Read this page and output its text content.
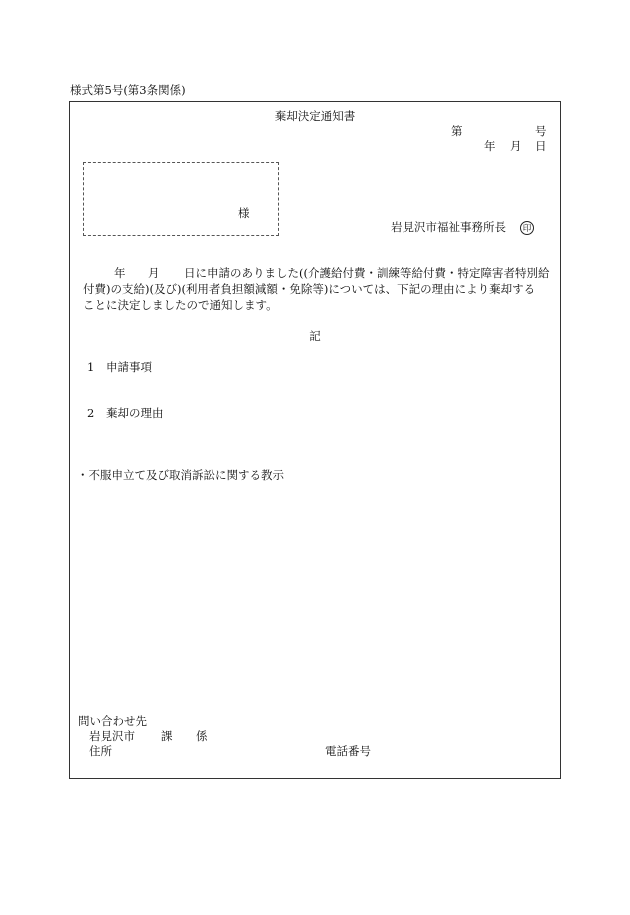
様式第5号(第3条関係)
棄却決定通知書
第	号
年 月 日
様
岩見沢市福祉事務所長	印
年 月 日に申請のありました((介護給付費・訓練等給付費・特定障害者特別給
付費)の支給)(及び)(利用者負担額減額・免除等)については、下記の理由により棄却する
ことに決定しましたので通知します。
記
1 申請事項
2 棄却の理由
・不服申立て及び取消訴訟に関する教示
問い合わせ先
岩見沢市 課 係
住所	電話番号
